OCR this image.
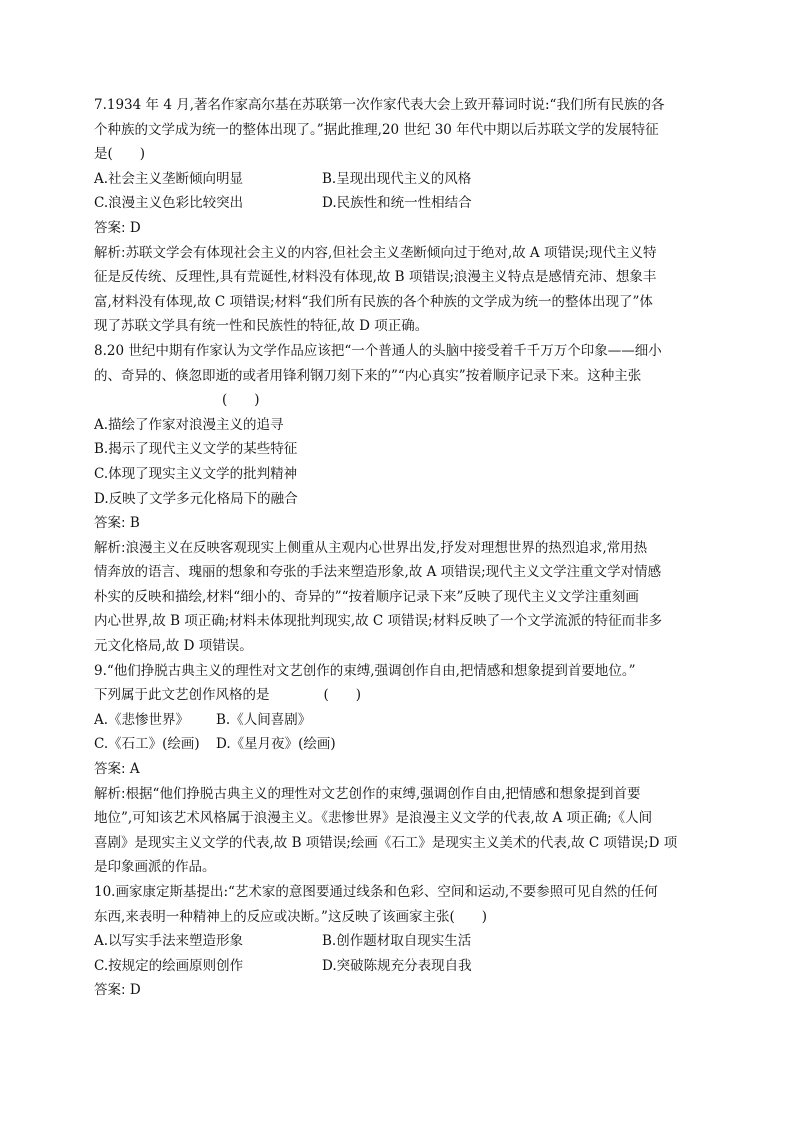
7.1934 年 4 月,著名作家高尔基在苏联第一次作家代表大会上致开幕词时说:“我们所有民族的各
个种族的文学成为统一的整体出现了。”据此推理,20 世纪 30 年代中期以后苏联文学的发展特征
是(　　)
A.社会主义垄断倾向明显	B.呈现出现代主义的风格
C.浪漫主义色彩比较突出	D.民族性和统一性相结合
答案: D
解析:苏联文学会有体现社会主义的内容,但社会主义垄断倾向过于绝对,故 A 项错误;现代主义特
征是反传统、反理性,具有荒诞性,材料没有体现,故 B 项错误;浪漫主义特点是感情充沛、想象丰
富,材料没有体现,故 C 项错误;材料“我们所有民族的各个种族的文学成为统一的整体出现了”体
现了苏联文学具有统一性和民族性的特征,故 D 项正确。
8.20 世纪中期有作家认为文学作品应该把“一个普通人的头脑中接受着千千万万个印象——细小
的、奇异的、倏忽即逝的或者用锋利钢刀刻下来的”“内心真实”按着顺序记录下来。这种主张
(　　)
A.描绘了作家对浪漫主义的追寻
B.揭示了现代主义文学的某些特征
C.体现了现实主义文学的批判精神
D.反映了文学多元化格局下的融合
答案: B
解析:浪漫主义在反映客观现实上侧重从主观内心世界出发,抒发对理想世界的热烈追求,常用热
情奔放的语言、瑰丽的想象和夸张的手法来塑造形象,故 A 项错误;现代主义文学注重文学对情感
朴实的反映和描绘,材料“细小的、奇异的”“按着顺序记录下来”反映了现代主义文学注重刻画
内心世界,故 B 项正确;材料未体现批判现实,故 C 项错误;材料反映了一个文学流派的特征而非多
元文化格局,故 D 项错误。
9.“他们挣脱古典主义的理性对文艺创作的束缚,强调创作自由,把情感和想象提到首要地位。”
下列属于此文艺创作风格的是　　　　(　　)
A.《悲惨世界》	B.《人间喜剧》
C.《石工》(绘画)	D.《星月夜》(绘画)
答案: A
解析:根据“他们挣脱古典主义的理性对文艺创作的束缚,强调创作自由,把情感和想象提到首要
地位”,可知该艺术风格属于浪漫主义。《悲惨世界》是浪漫主义文学的代表,故 A 项正确;《人间
喜剧》是现实主义文学的代表,故 B 项错误;绘画《石工》是现实主义美术的代表,故 C 项错误;D 项
是印象画派的作品。
10.画家康定斯基提出:“艺术家的意图要通过线条和色彩、空间和运动,不要参照可见自然的任何
东西,来表明一种精神上的反应或决断。”这反映了该画家主张(　　)
A.以写实手法来塑造形象	B.创作题材取自现实生活
C.按规定的绘画原则创作	D.突破陈规充分表现自我
答案: D
